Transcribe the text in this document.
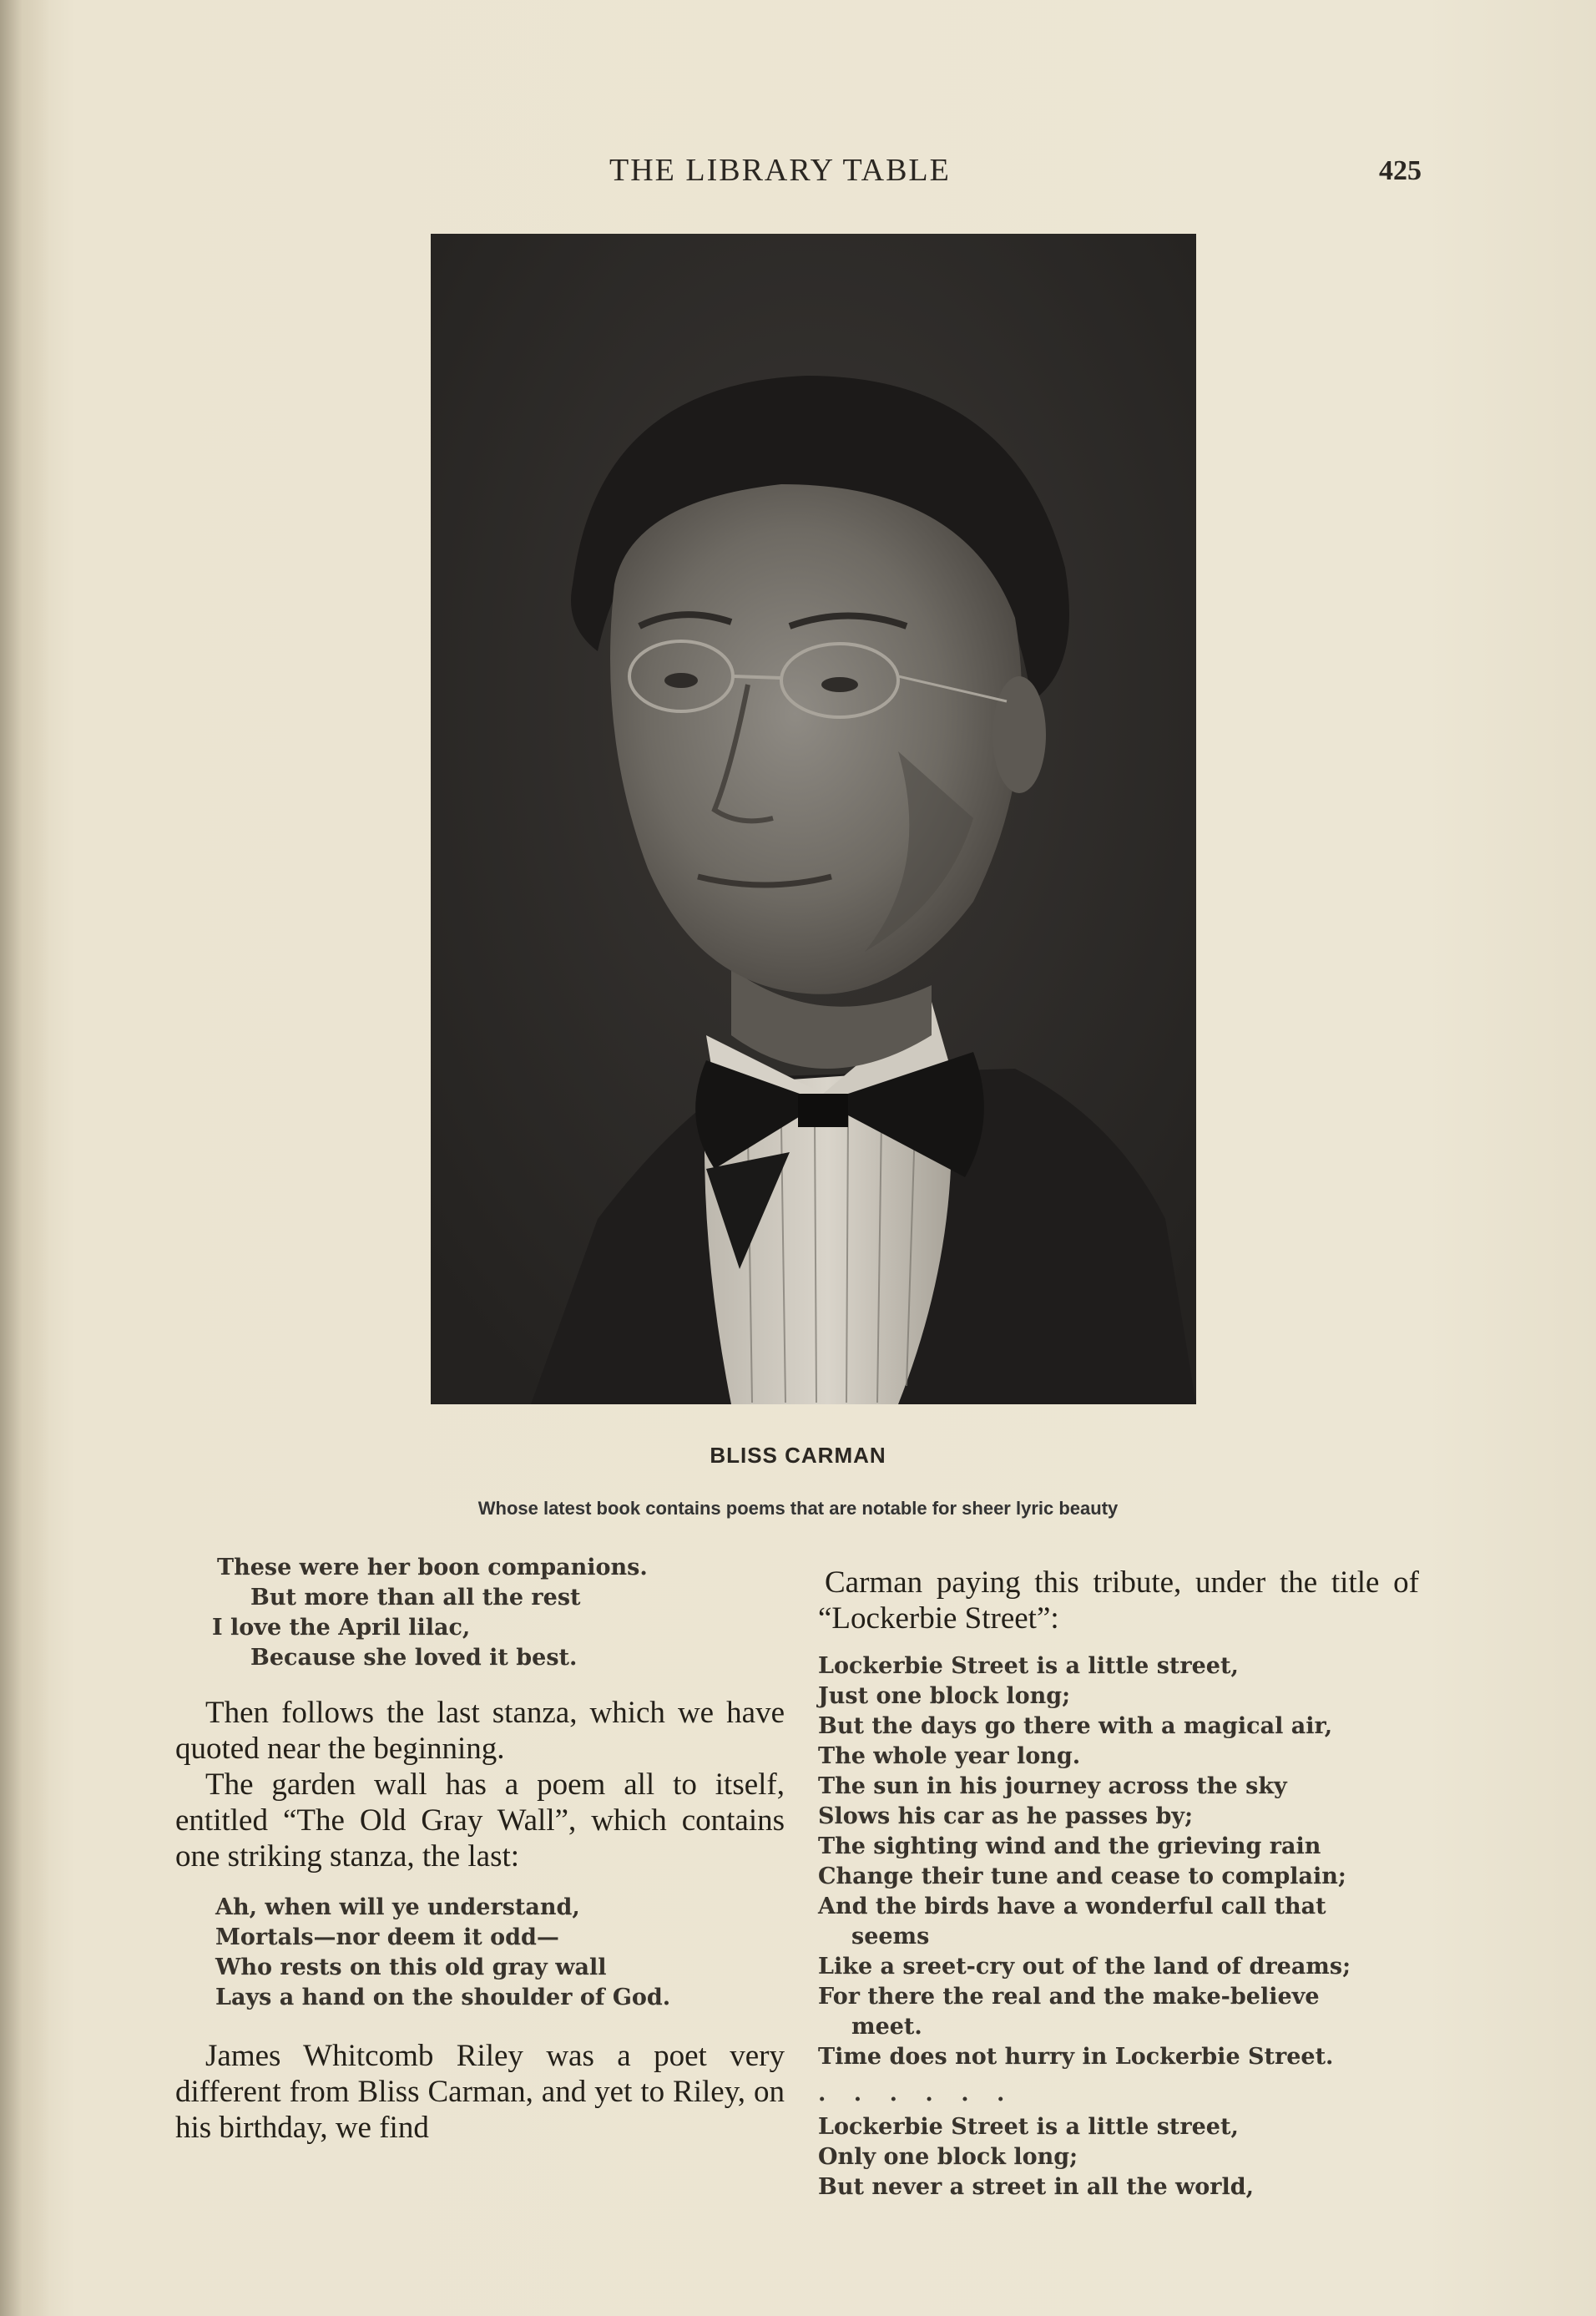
THE LIBRARY TABLE	425
BLISS CARMAN
Whose latest book contains poems that are notable for sheer lyric beauty
These were her boon companions.
But more than all the rest
I love the April lilac,
Because she loved it best.

Then follows the last stanza, which we have quoted near the beginning.

The garden wall has a poem all to itself, entitled “The Old Gray Wall”, which contains one striking stanza, the last:

Ah, when will ye understand,
Mortals—nor deem it odd—
Who rests on this old gray wall
Lays a hand on the shoulder of God.

James Whitcomb Riley was a poet very different from Bliss Carman, and yet to Riley, on his birthday, we find

Carman paying this tribute, under the title of “Lockerbie Street”:

Lockerbie Street is a little street,
Just one block long;
But the days go there with a magical air,
The whole year long.
The sun in his journey across the sky
Slows his car as he passes by;
The sighting wind and the grieving rain
Change their tune and cease to complain;
And the birds have a wonderful call that
seems
Like a sreet-cry out of the land of dreams;
For there the real and the make-believe
meet.
Time does not hurry in Lockerbie Street.
. . . . . .
Lockerbie Street is a little street,
Only one block long;
But never a street in all the world,
